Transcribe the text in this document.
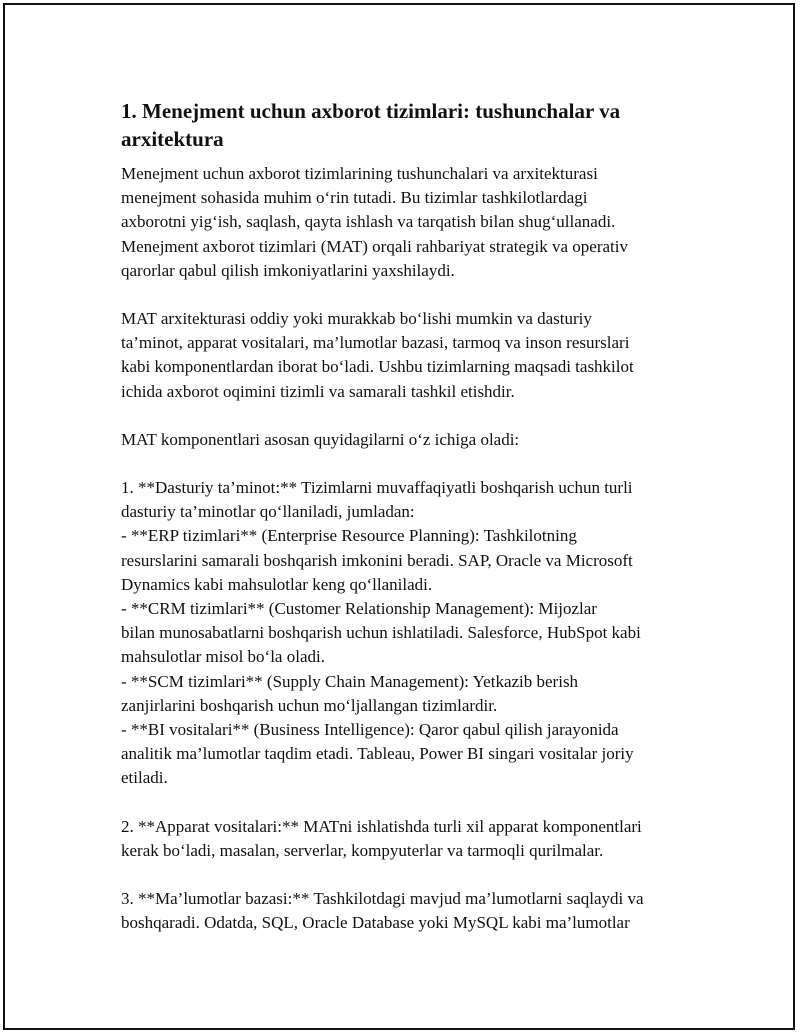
1. Menejment uchun axborot tizimlari: tushunchalar va arxitektura

Menejment uchun axborot tizimlarining tushunchalari va arxitekturasi
menejment sohasida muhim o‘rin tutadi. Bu tizimlar tashkilotlardagi
axborotni yig‘ish, saqlash, qayta ishlash va tarqatish bilan shug‘ullanadi.
Menejment axborot tizimlari (MAT) orqali rahbariyat strategik va operativ
qarorlar qabul qilish imkoniyatlarini yaxshilaydi.

MAT arxitekturasi oddiy yoki murakkab bo‘lishi mumkin va dasturiy
ta’minot, apparat vositalari, ma’lumotlar bazasi, tarmoq va inson resurslari
kabi komponentlardan iborat bo‘ladi. Ushbu tizimlarning maqsadi tashkilot
ichida axborot oqimini tizimli va samarali tashkil etishdir.

MAT komponentlari asosan quyidagilarni o‘z ichiga oladi:

1. **Dasturiy ta’minot:** Tizimlarni muvaffaqiyatli boshqarish uchun turli
dasturiy ta’minotlar qo‘llaniladi, jumladan:
- **ERP tizimlari** (Enterprise Resource Planning): Tashkilotning
resurslarini samarali boshqarish imkonini beradi. SAP, Oracle va Microsoft
Dynamics kabi mahsulotlar keng qo‘llaniladi.
- **CRM tizimlari** (Customer Relationship Management): Mijozlar
bilan munosabatlarni boshqarish uchun ishlatiladi. Salesforce, HubSpot kabi
mahsulotlar misol bo‘la oladi.
- **SCM tizimlari** (Supply Chain Management): Yetkazib berish
zanjirlarini boshqarish uchun mo‘ljallangan tizimlardir.
- **BI vositalari** (Business Intelligence): Qaror qabul qilish jarayonida
analitik ma’lumotlar taqdim etadi. Tableau, Power BI singari vositalar joriy
etiladi.

2. **Apparat vositalari:** MATni ishlatishda turli xil apparat komponentlari
kerak bo‘ladi, masalan, serverlar, kompyuterlar va tarmoqli qurilmalar.

3. **Ma’lumotlar bazasi:** Tashkilotdagi mavjud ma’lumotlarni saqlaydi va
boshqaradi. Odatda, SQL, Oracle Database yoki MySQL kabi ma’lumotlar
